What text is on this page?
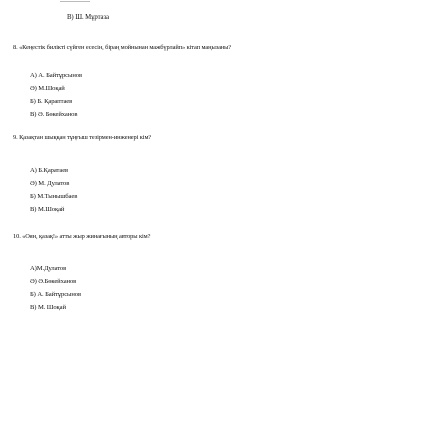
B) Ш. Мұртаза
8. «Кеңестік билікті сүйген есесін, біраң мойнынан мажбүрлайп» кітап маңызаны?
А) А. Байтұрсынов
Ә) М.Шоқай
Б) Б. Қараптаев
В) Ә. Бөкейханов
9. Қазақтан шыққан тұңғыш тезірмен-инженері кім?
А) Б.Қаратаев
Ә) М. Дулатов
Б) М.Тынышбаев
В) М.Шоқай
10. «Оян, қазақ!» атты жыр жинағының авторы кім?
А)М.Дулатов
Ә) Ә.Бөкейханов
Б) А. Байтұрсынов
В) М. Шоқай
